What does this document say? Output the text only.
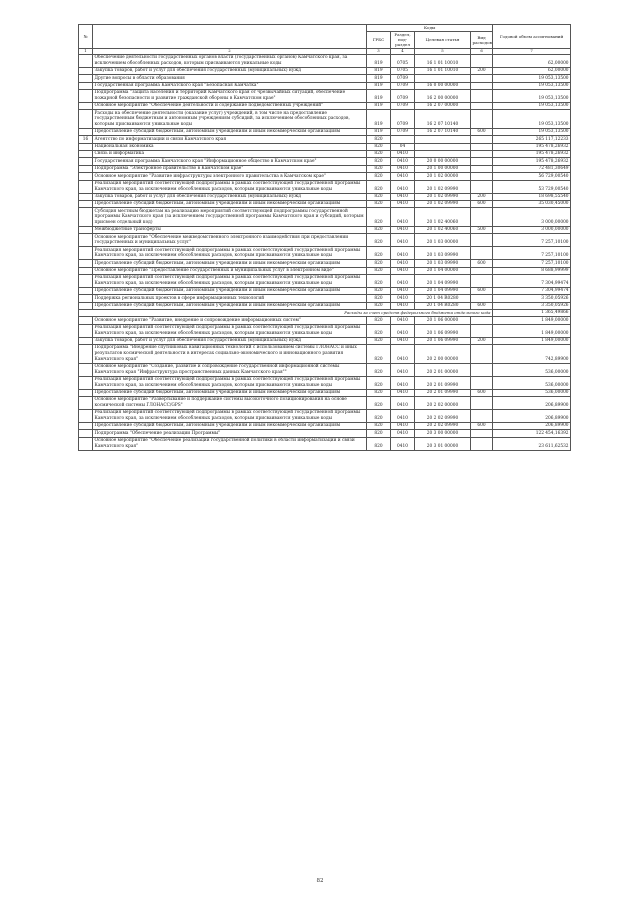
№		Коды				Годовой объем ассигнований
		ГРБС	Раздел, под-раздел	Целевая статья	Вид расходов	
1	2	3	4	5	6	7
	Обеспечение деятельности государственных органов власти (государственных органов) Камчатского края, за исключением обособленных расходов, которым присваиваются уникальные коды	819	0705	16 1 01 10010		62,00000
	Закупка товаров, работ и услуг для обеспечения государственных (муниципальных) нужд	819	0705	16 1 01 10010	200	62,00000
	Другие вопросы в области образования	819	0709			19 053,13500
	Государственная программа Камчатского края "Безопасная Камчатка"	819	0709	16 0 00 00000		19 053,13500
	Подпрограмма "Защита населения и территорий Камчатского края от чрезвычайных ситуаций, обеспечение пожарной безопасности и развитие гражданской обороны в Камчатском крае"	819	0709	16 2 00 00000		19 053,13500
	Основное мероприятие "Обеспечение деятельности и содержание подведомственных учреждений"	819	0709	16 2 07 00000		19 053,13500
	Расходы на обеспечение деятельности (оказание услуг) учреждений, в том числе на предоставление государственным бюджетным и автономным учреждениям субсидий, за исключением обособленных расходов, которым присваиваются уникальные коды	819	0709	16 2 07 10140		19 053,13500
	Предоставление субсидий бюджетным, автономным учреждениям и иным некоммерческим организациям	819	0709	16 2 07 10140	600	19 053,13500
16	Агентство по информатизации и связи Камчатского края	820				265 117,12233
	Национальная экономика	820	04			195 478,26932
	Связь и информатика	820	0410			195 478,26932
	Государственная программа Камчатского края "Информационное общество в Камчатском крае"	820	0410	20 0 00 00000		195 478,26932
	Подпрограмма "Электронное правительство в Камчатском крае"	820	0410	20 1 00 00000		72 481,30649
	Основное мероприятие "Развитие инфраструктуры электронного правительства в Камчатском крае"	820	0410	20 1 02 00000		56 729,00540
	Реализация мероприятий соответствующей подпрограммы в рамках соответствующей государственной программы Камчатского края, за исключением обособленных расходов, которым присваиваются уникальные коды	820	0410	20 1 02 09990		53 729,00540
	Закупка товаров, работ и услуг для обеспечения государственных (муниципальных) нужд	820	0410	20 1 02 09990	200	18 698,55540
	Предоставление субсидий бюджетным, автономным учреждениям и иным некоммерческим организациям	820	0410	20 1 02 09990	600	35 030,45000
	Субсидия местным бюджетам на реализацию мероприятий соответствующей подпрограммы государственной программы Камчатского края (за исключением государственной программы Камчатского края и субсидий, которым присвоен отдельный код)	820	0410	20 1 02 40060		3 000,00000
	Межбюджетные трансферты	820	0410	20 1 02 40060	500	3 000,00000
	Основное мероприятие "Обеспечение межведомственного электронного взаимодействия при предоставлении государственных и муниципальных услуг"	820	0410	20 1 03 00000		7 257,10100
	Реализация мероприятий соответствующей подпрограммы в рамках соответствующей государственной программы Камчатского края, за исключением обособленных расходов, которым присваиваются уникальные коды	820	0410	20 1 03 09990		7 257,10100
	Предоставление субсидий бюджетным, автономным учреждениям и иным некоммерческим организациям	820	0410	20 1 03 09990	600	7 257,10100
	Основное мероприятие "Предоставление государственных и муниципальных услуг в электронном виде"	820	0410	20 1 04 00000		8 688,99999
	Реализация мероприятий соответствующей подпрограммы в рамках соответствующей государственной программы Камчатского края, за исключением обособленных расходов, которым присваиваются уникальные коды	820	0410	20 1 04 09990		7 304,99474
	Предоставление субсидий бюджетным, автономным учреждениям и иным некоммерческим организациям	820	0410	20 1 04 09990	600	7 304,99474
	Поддержка региональных проектов в сфере информационных технологий	820	0410	20 1 04 R0280		3 350,05926
	Предоставление субсидий бюджетным, автономным учреждениям и иным некоммерческим организациям	820	0410	20 1 04 R0280	600	3 350,05926
Расходы за счет средств федерального бюджета отдельного кода						1 365,49866
	Основное мероприятие "Развитие, внедрение и сопровождение информационных систем"	820	0410	20 1 06 00000		1 849,00000
	Реализация мероприятий соответствующей подпрограммы в рамках соответствующей государственной программы Камчатского края, за исключением обособленных расходов, которым присваиваются уникальные коды	820	0410	20 1 06 09990		1 849,00000
	Закупка товаров, работ и услуг для обеспечения государственных (муниципальных) нужд	820	0410	20 1 06 09990	200	1 849,00000
	Подпрограмма "Внедрение спутниковых навигационных технологий с использованием системы ГЛОНАСС и иных результатов космической деятельности в интересах социально-экономического и инновационного развития Камчатского края"	820	0410	20 2 00 00000		742,89900
	Основное мероприятие "Создание, развитие и сопровождение государственной информационной системы Камчатского края "Инфраструктура пространственных данных Камчатского края""	820	0410	20 2 01 00000		536,00000
	Реализация мероприятий соответствующей подпрограммы в рамках соответствующей государственной программы Камчатского края, за исключением обособленных расходов, которым присваиваются уникальные коды	820	0410	20 2 01 09990		536,00000
	Предоставление субсидий бюджетным, автономным учреждениям и иным некоммерческим организациям	820	0410	20 2 01 09990	600	536,00000
	Основное мероприятие "Развертывание и поддержание системы высокоточного позиционирования на основе космической системы ГЛОНАСС/GPS"	820	0410	20 2 02 00000		206,89900
	Реализация мероприятий соответствующей подпрограммы в рамках соответствующей государственной программы Камчатского края, за исключением обособленных расходов, которым присваиваются уникальные коды	820	0410	20 2 02 09990		206,89900
	Предоставление субсидий бюджетным, автономным учреждениям и иным некоммерческим организациям	820	0410	20 2 02 09990	600	206,89900
	Подпрограмма "Обеспечение реализации Программы"	820	0410	20 3 00 00000		122 454,16392
	Основное мероприятие "Обеспечение реализации государственной политики в области информатизации и связи Камчатского края"	820	0410	20 3 01 00000		23 611,62532
82
